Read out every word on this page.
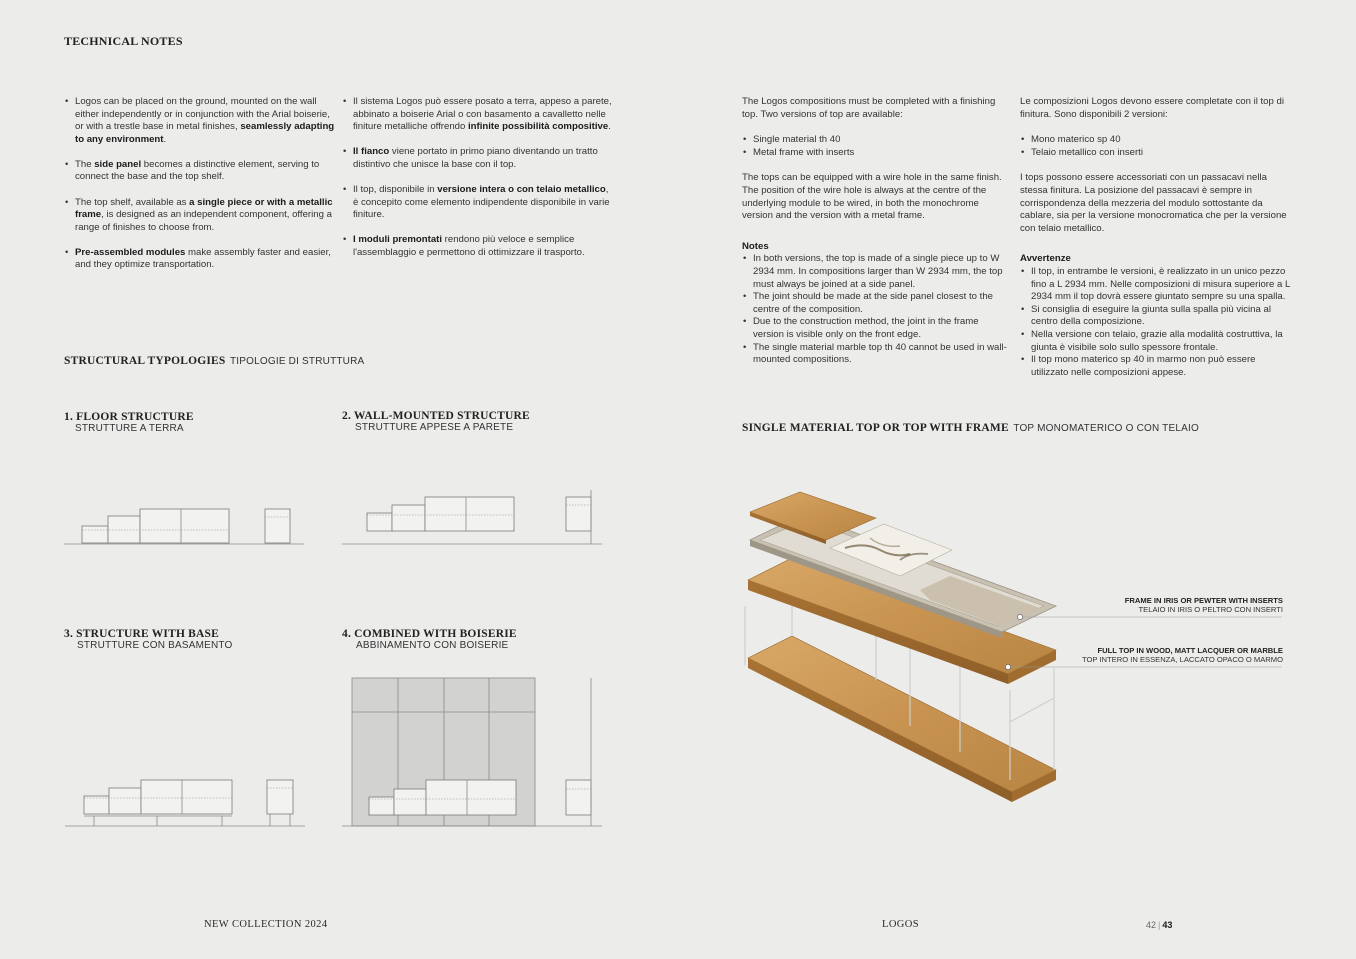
TECHNICAL NOTES
• Logos can be placed on the ground, mounted on the wall either independently or in conjunction with the Arial boiserie, or with a trestle base in metal finishes, seamlessly adapting to any environment.
• The side panel becomes a distinctive element, serving to connect the base and the top shelf.
• The top shelf, available as a single piece or with a metallic frame, is designed as an independent component, offering a range of finishes to choose from.
• Pre-assembled modules make assembly faster and easier, and they optimize transportation.
• Il sistema Logos può essere posato a terra, appeso a parete, abbinato a boiserie Arial o con basamento a cavalletto nelle finiture metalliche offrendo infinite possibilità compositive.
• Il fianco viene portato in primo piano diventando un tratto distintivo che unisce la base con il top.
• Il top, disponibile in versione intera o con telaio metallico, è concepito come elemento indipendente disponibile in varie finiture.
• I moduli premontati rendono più veloce e semplice l'assemblaggio e permettono di ottimizzare il trasporto.
STRUCTURAL TYPOLOGIES TIPOLOGIE DI STRUTTURA
1. FLOOR STRUCTURE
STRUTTURE A TERRA
2. WALL-MOUNTED STRUCTURE
STRUTTURE APPESE A PARETE
3. STRUCTURE WITH BASE
STRUTTURE CON BASAMENTO
4. COMBINED WITH BOISERIE
ABBINAMENTO CON BOISERIE
The Logos compositions must be completed with a finishing top. Two versions of top are available:
• Single material th 40
• Metal frame with inserts
The tops can be equipped with a wire hole in the same finish. The position of the wire hole is always at the centre of the underlying module to be wired, in both the monochrome version and the version with a metal frame.
Notes
• In both versions, the top is made of a single piece up to W 2934 mm. In compositions larger than W 2934 mm, the top must always be joined at a side panel.
• The joint should be made at the side panel closest to the centre of the composition.
• Due to the construction method, the joint in the frame version is visible only on the front edge.
• The single material marble top th 40 cannot be used in wall-mounted compositions.
Le composizioni Logos devono essere completate con il top di finitura. Sono disponibili 2 versioni:
• Mono materico sp 40
• Telaio metallico con inserti
I tops possono essere accessoriati con un passacavi nella stessa finitura. La posizione del passacavi è sempre in corrispondenza della mezzeria del modulo sottostante da cablare, sia per la versione monocromatica che per la versione con telaio metallico.
Avvertenze
• Il top, in entrambe le versioni, è realizzato in un unico pezzo fino a L 2934 mm. Nelle composizioni di misura superiore a L 2934 mm il top dovrà essere giuntato sempre su una spalla.
• Si consiglia di eseguire la giunta sulla spalla più vicina al centro della composizione.
• Nella versione con telaio, grazie alla modalità costruttiva, la giunta è visibile solo sullo spessore frontale.
• Il top mono materico sp 40 in marmo non può essere utilizzato nelle composizioni appese.
SINGLE MATERIAL TOP OR TOP WITH FRAME TOP MONOMATERICO O CON TELAIO
FRAME IN IRIS OR PEWTER WITH INSERTS
TELAIO IN IRIS O PELTRO CON INSERTI
FULL TOP IN WOOD, MATT LACQUER OR MARBLE
TOP INTERO IN ESSENZA, LACCATO OPACO O MARMO
NEW COLLECTION 2024	LOGOS	42 | 43
